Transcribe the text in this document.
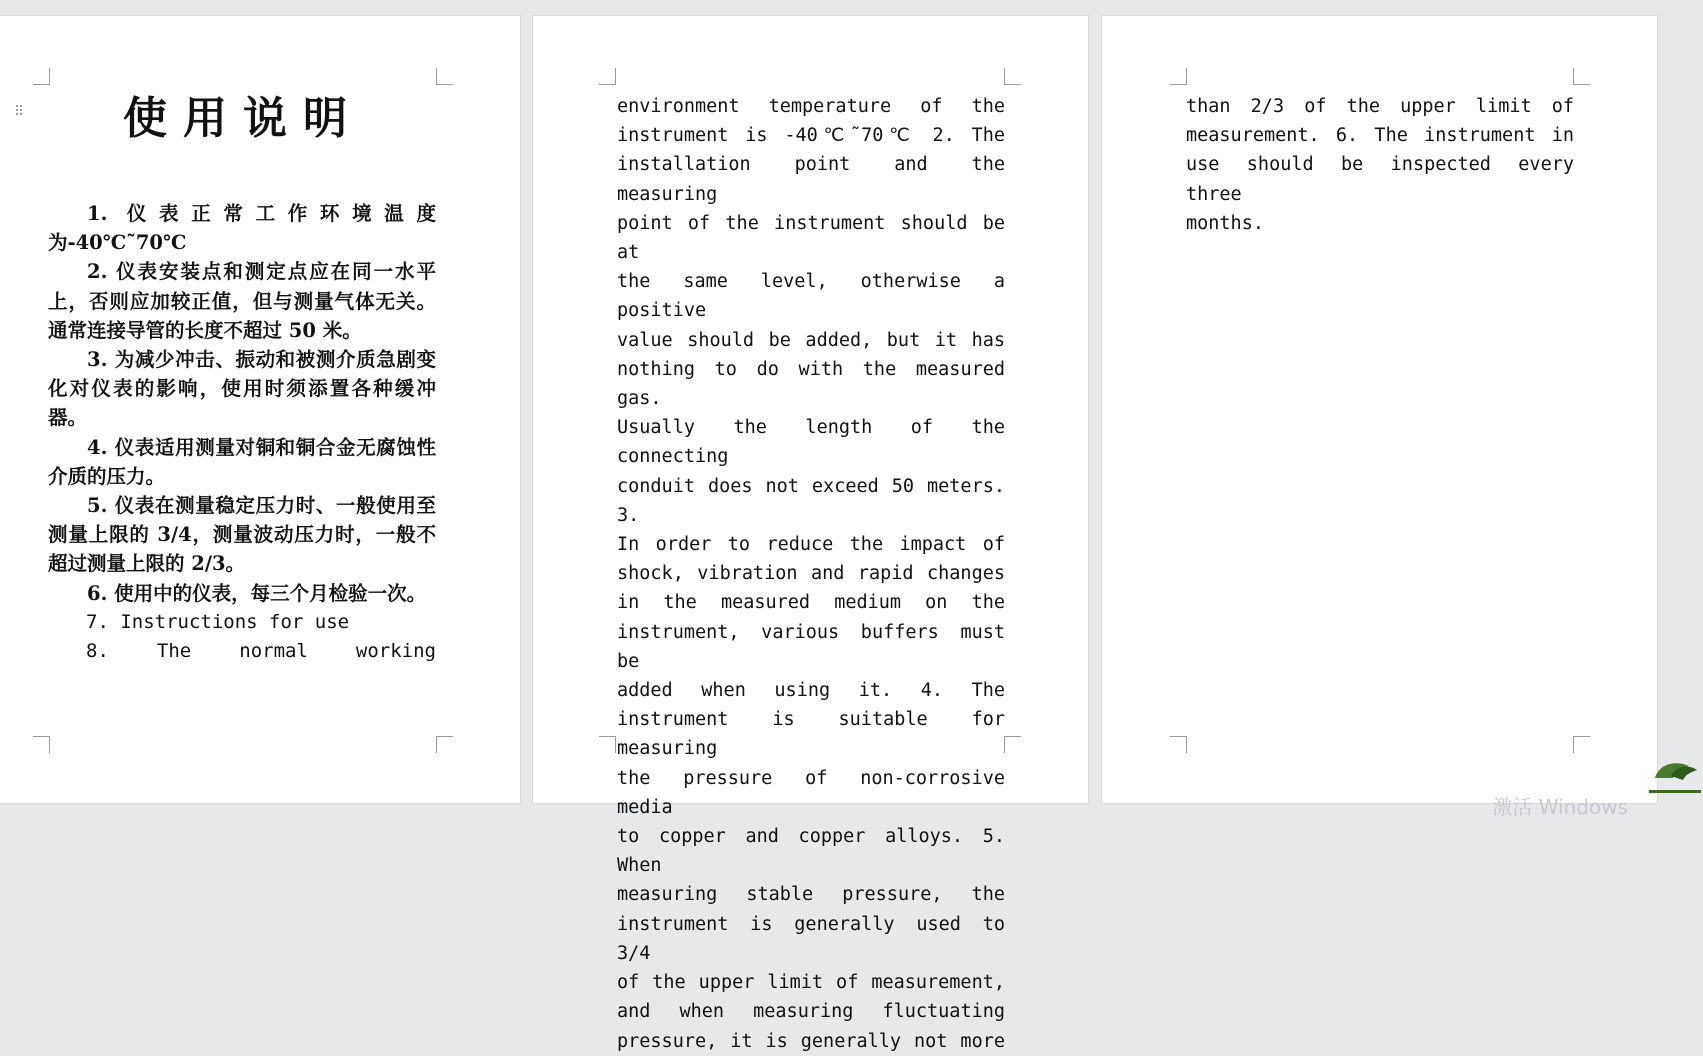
⠿	使用说明

1. 仪表正常工作环境温度为-40℃˜70℃

2. 仪表安装点和测定点应在同一水平上，否则应加较正值，但与测量气体无关。通常连接导管的长度不超过 50 米。

3. 为减少冲击、振动和被测介质急剧变化对仪表的影响，使用时须添置各种缓冲器。

4. 仪表适用测量对铜和铜合金无腐蚀性介质的压力。

5. 仪表在测量稳定压力时、一般使用至测量上限的 3/4，测量波动压力时，一般不超过测量上限的 2/3。

6. 使用中的仪表，每三个月检验一次。

7. Instructions for use

8. The normal working

environment temperature of the
instrument is -40℃˜70℃ 2. The
installation point and the measuring
point of the instrument should be at
the same level, otherwise a positive
value should be added, but it has
nothing to do with the measured gas.
Usually the length of the connecting
conduit does not exceed 50 meters. 3.
In order to reduce the impact of
shock, vibration and rapid changes
in the measured medium on the
instrument, various buffers must be
added when using it. 4. The
instrument is suitable for measuring
the pressure of non-corrosive media
to copper and copper alloys. 5. When
measuring stable pressure, the
instrument is generally used to 3/4
of the upper limit of measurement,
and when measuring fluctuating
pressure, it is generally not more
than 2/3 of the upper limit of
measurement. 6. The instrument in
use should be inspected every three
months.
激活 Windows
